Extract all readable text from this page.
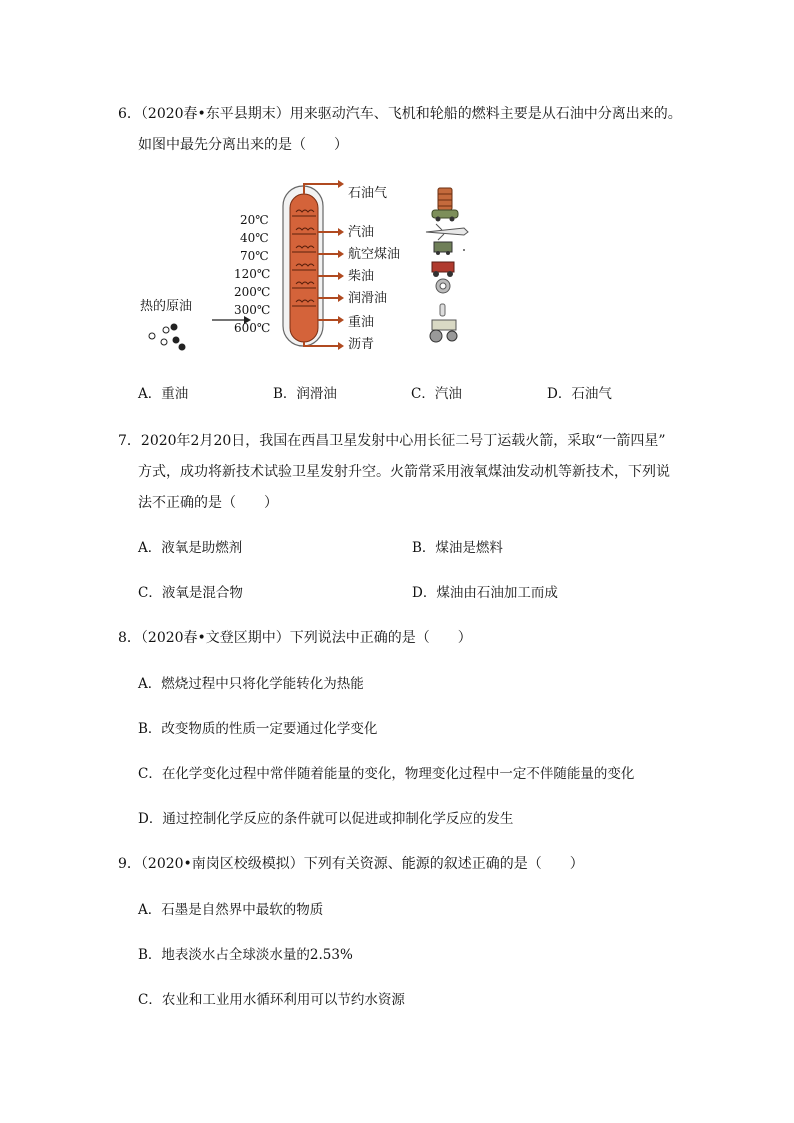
6．（2020春•东平县期末）用来驱动汽车、飞机和轮船的燃料主要是从石油中分离出来的。
如图中最先分离出来的是（　　）
热的原油
20℃
40℃
70℃
120℃
200℃
300℃
600℃
石油气
汽油
航空煤油
柴油
润滑油
重油
沥青
A．重油	B．润滑油	C．汽油	D．石油气
7．2020年2月20日，我国在西昌卫星发射中心用长征二号丁运载火箭，采取“一箭四星”
方式，成功将新技术试验卫星发射升空。火箭常采用液氧煤油发动机等新技术，下列说
法不正确的是（　　）
A．液氧是助燃剂	B．煤油是燃料
C．液氧是混合物	D．煤油由石油加工而成
8．（2020春•文登区期中）下列说法中正确的是（　　）
A．燃烧过程中只将化学能转化为热能
B．改变物质的性质一定要通过化学变化
C．在化学变化过程中常伴随着能量的变化，物理变化过程中一定不伴随能量的变化
D．通过控制化学反应的条件就可以促进或抑制化学反应的发生
9．（2020•南岗区校级模拟）下列有关资源、能源的叙述正确的是（　　）
A．石墨是自然界中最软的物质
B．地表淡水占全球淡水量的2.53%
C．农业和工业用水循环利用可以节约水资源
